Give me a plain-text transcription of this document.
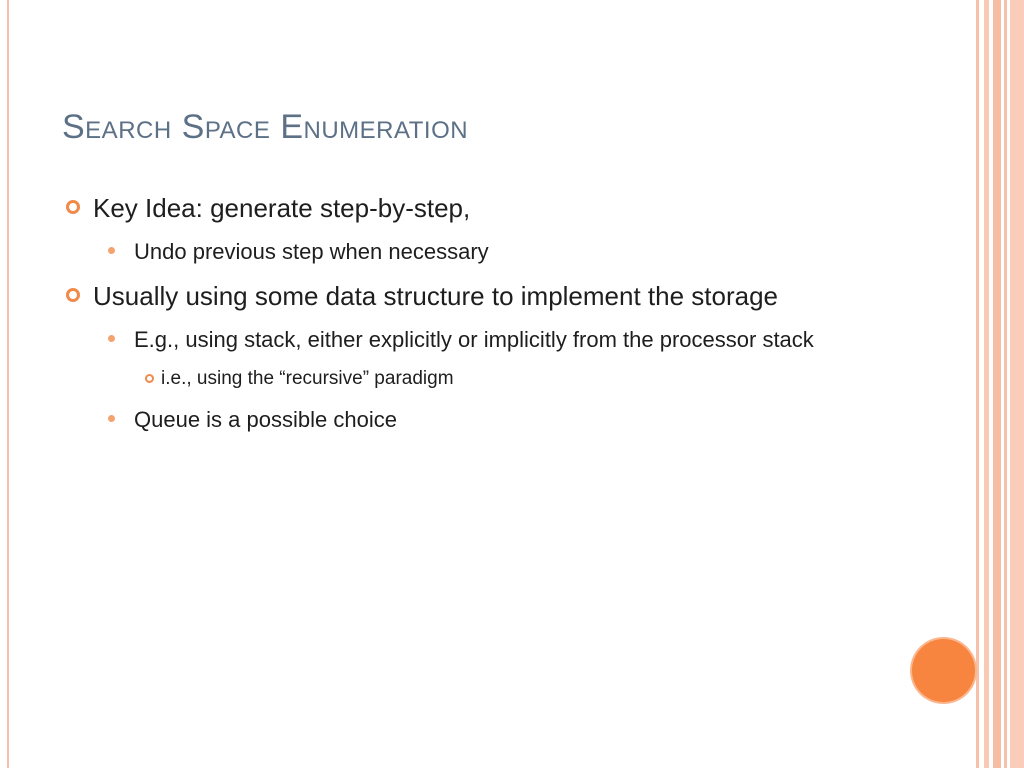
Search Space Enumeration
Key Idea: generate step-by-step,
Undo previous step when necessary
Usually using some data structure to implement the storage
E.g., using stack, either explicitly or implicitly from the processor stack
i.e., using the “recursive” paradigm
Queue is a possible choice
